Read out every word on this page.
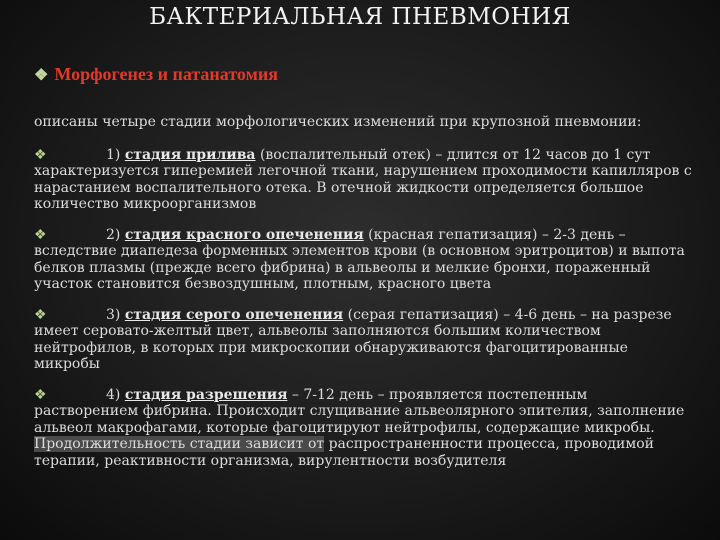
БАКТЕРИАЛЬНАЯ ПНЕВМОНИЯ
❖ Морфогенез и патанатомия
описаны четыре стадии морфологических изменений при крупозной пневмонии:
❖	1) стадия прилива (воспалительный отек) – длится от 12 часов до 1 сут характеризуется гиперемией легочной ткани, нарушением проходимости капилляров с нарастанием воспалительного отека. В отечной жидкости определяется большое количество микроорганизмов
❖	2) стадия красного опеченения (красная гепатизация) – 2-3 день – вследствие диапедеза форменных элементов крови (в основном эритроцитов) и выпота белков плазмы (прежде всего фибрина) в альвеолы и мелкие бронхи, пораженный участок становится безвоздушным, плотным, красного цвета
❖	3) стадия серого опеченения (серая гепатизация) – 4-6 день – на разрезе имеет серовато-желтый цвет, альвеолы заполняются большим количеством нейтрофилов, в которых при микроскопии обнаруживаются фагоцитированные микробы
❖	4) стадия разрешения – 7-12 день – проявляется постепенным растворением фибрина. Происходит слущивание альвеолярного эпителия, заполнение альвеол макрофагами, которые фагоцитируют нейтрофилы, содержащие микробы. Продолжительность стадии зависит от распространенности процесса, проводимой терапии, реактивности организма, вирулентности возбудителя
